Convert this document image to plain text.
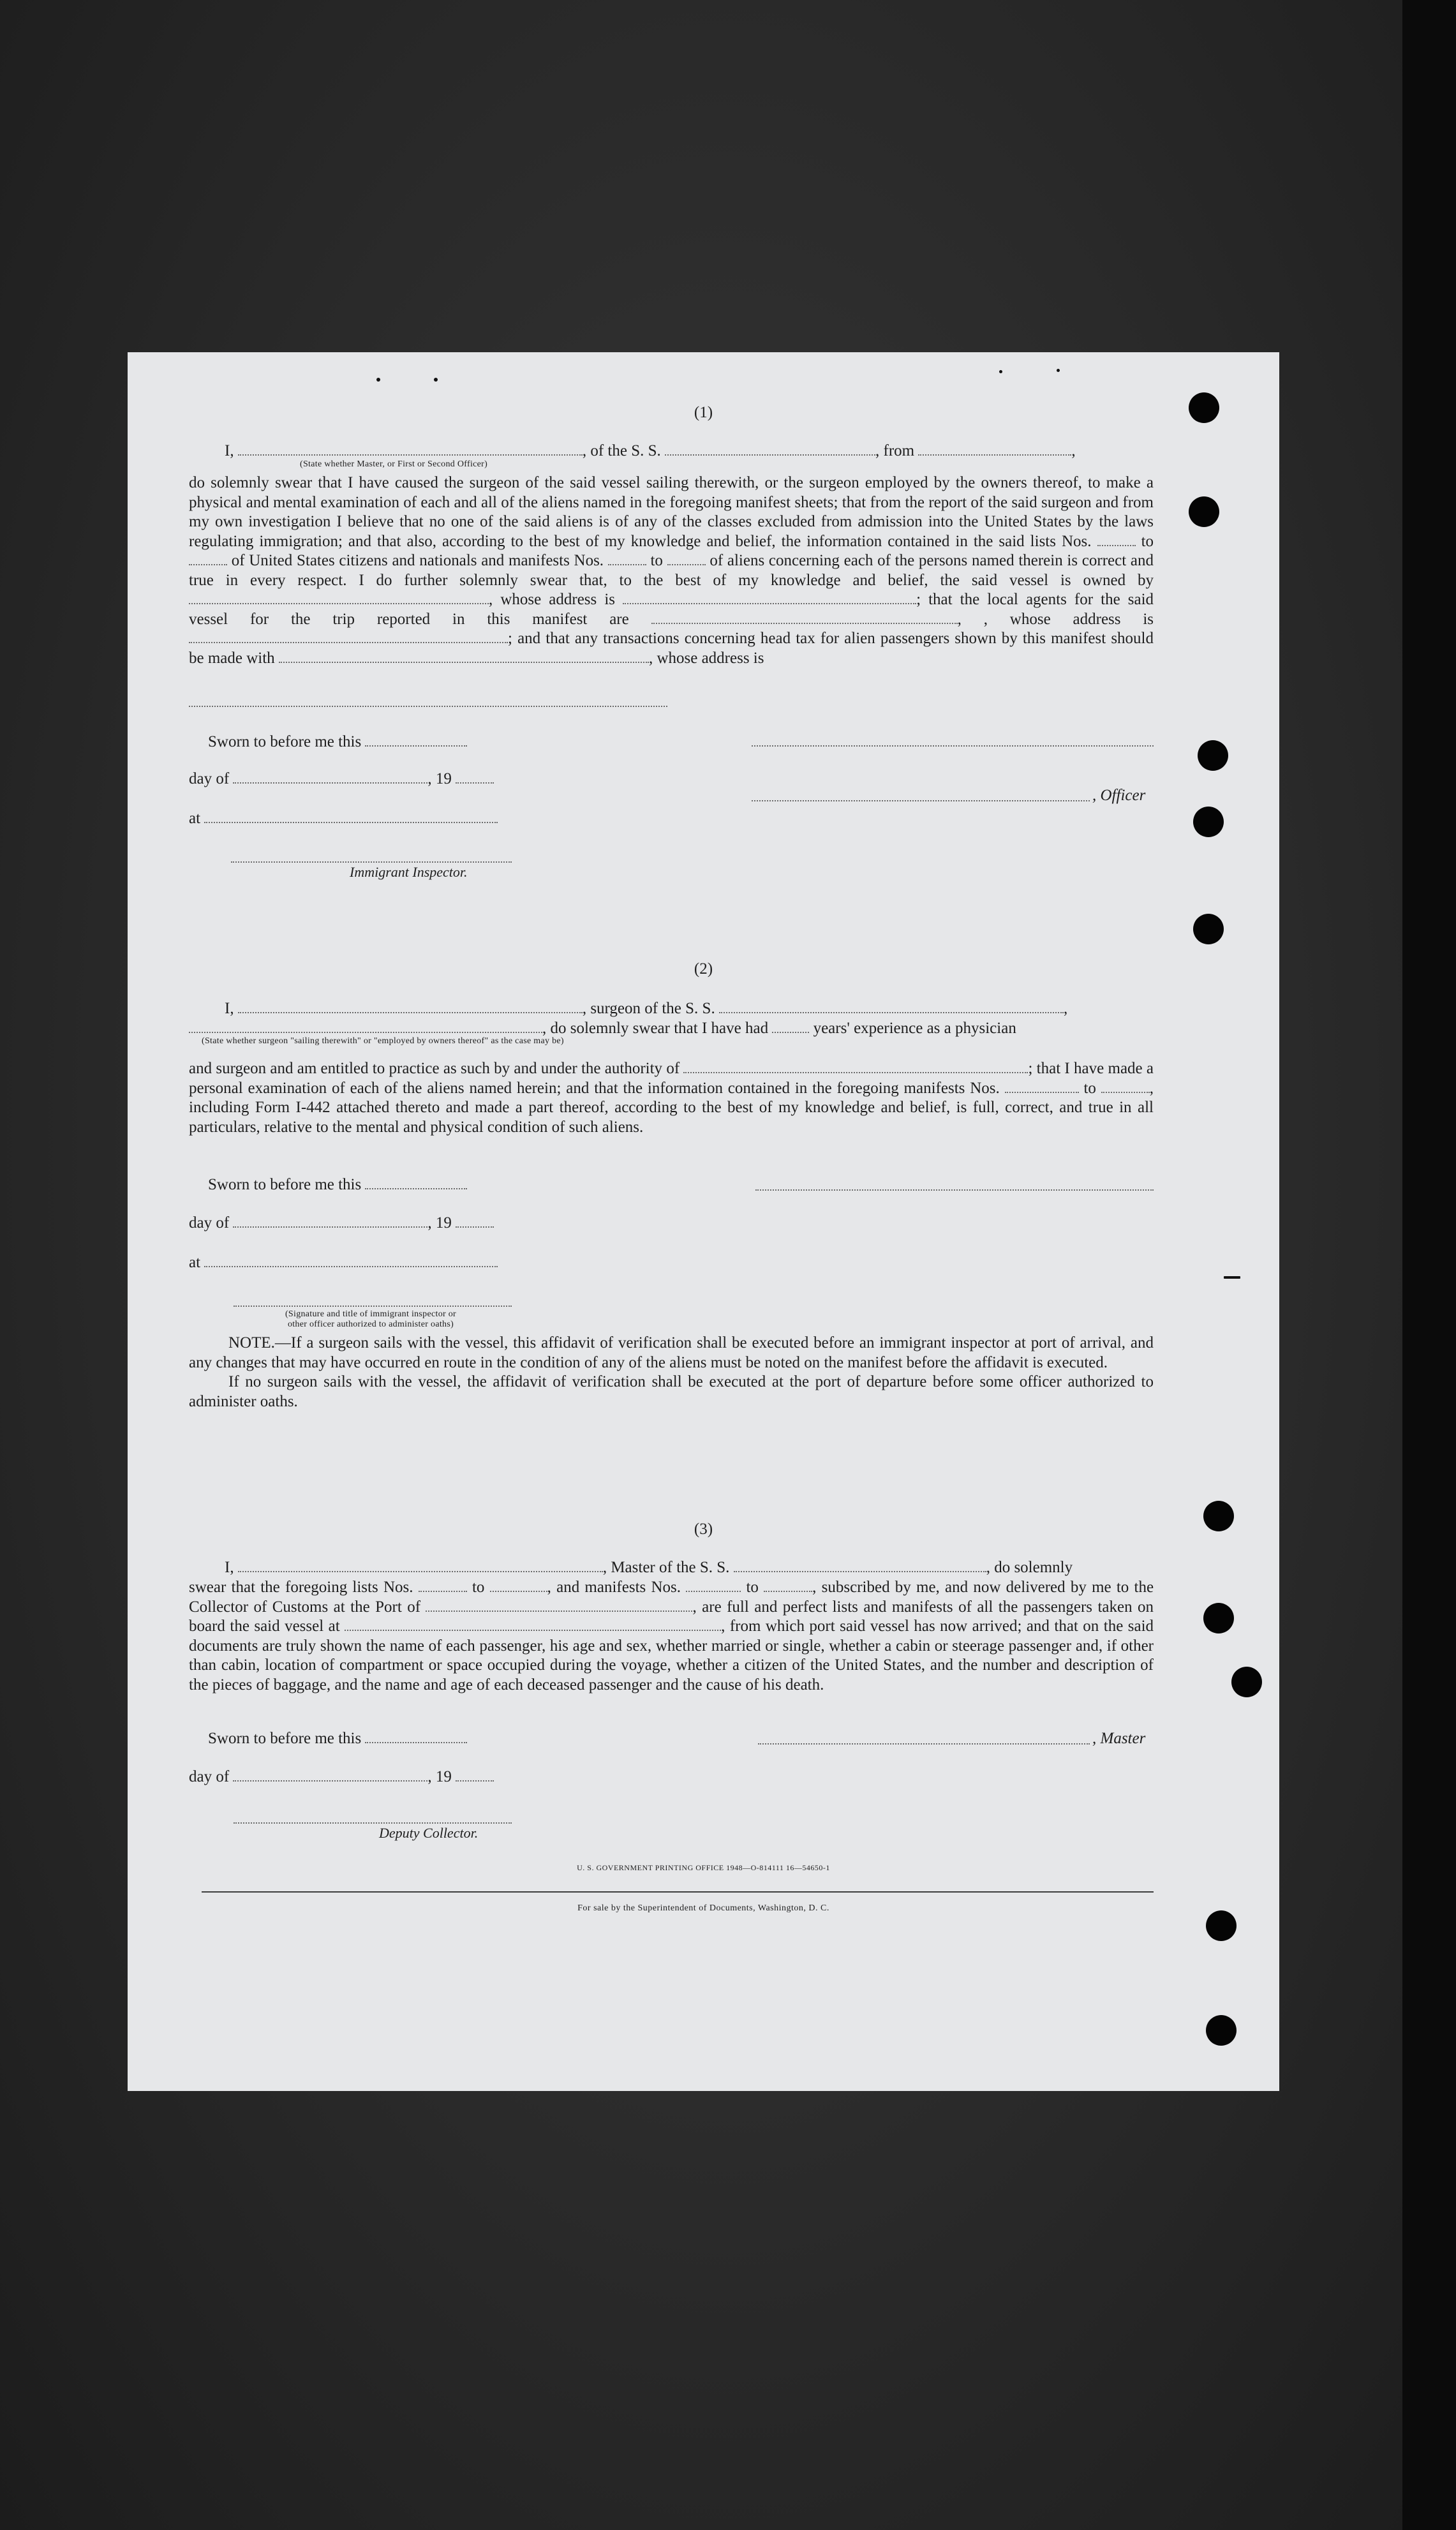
(1)
I,	, of the S. S.	, from	,
(State whether Master, or First or Second Officer)

do solemnly swear that I have caused the surgeon of the said vessel sailing therewith, or the surgeon employed by the owners thereof, to make a physical and mental examination of each and all of the aliens named in the foregoing manifest sheets; that from the report of the said surgeon and from my own investigation I believe that no one of the said aliens is of any of the classes excluded from admission into the United States by the laws regulating immigration; and that also, according to the best of my knowledge and belief, the information contained in the said lists Nos.	to  of United States citizens and nationals and manifests Nos.	to	of aliens concerning each of the persons named therein is correct and true in every respect. I do further solemnly swear that, to the best of my knowledge and belief, the said vessel is owned by , whose address is	; that the local agents for the said vessel for the trip reported in this manifest are	, , whose address is ; and that any transactions concerning head tax for alien passengers shown by this manifest should be made with	, whose address is

Sworn to before me this
day of	, 19
, Officer
at
Immigrant Inspector.
(2)
I,	, surgeon of the S. S.	,
, do solemnly swear that I have had	years' experience as a physician
(State whether surgeon "sailing therewith" or "employed by owners thereof" as the case may be)

and surgeon and am entitled to practice as such by and under the authority of	; that I have made a personal examination of each of the aliens named herein; and that the information contained in the foregoing manifests Nos.	to	, including Form I-442 attached thereto and made a part thereof, according to the best of my knowledge and belief, is full, correct, and true in all particulars, relative to the mental and physical condition of such aliens.

Sworn to before me this
day of	, 19
at
(Signature and title of immigrant inspector or
other officer authorized to administer oaths)

NOTE.—If a surgeon sails with the vessel, this affidavit of verification shall be executed before an immigrant inspector at port of arrival, and any changes that may have occurred en route in the condition of any of the aliens must be noted on the manifest before the affidavit is executed.

If no surgeon sails with the vessel, the affidavit of verification shall be executed at the port of departure before some officer authorized to administer oaths.

(3)
I,	, Master of the S. S.	, do solemnly

swear that the foregoing lists Nos.	to	, and manifests Nos.	to	, subscribed by me, and now delivered by me to the Collector of Customs at the Port of	, are full and perfect lists and manifests of all the passengers taken on board the said vessel at	, from which port said vessel has now arrived; and that on the said documents are truly shown the name of each passenger, his age and sex, whether married or single, whether a cabin or steerage passenger and, if other than cabin, location of compartment or space occupied during the voyage, whether a citizen of the United States, and the number and description of the pieces of baggage, and the name and age of each deceased passenger and the cause of his death.

Sworn to before me this	, Master
day of	, 19
Deputy Collector.
U. S. GOVERNMENT PRINTING OFFICE 1948—O-814111 16—54650-1
For sale by the Superintendent of Documents, Washington, D. C.
